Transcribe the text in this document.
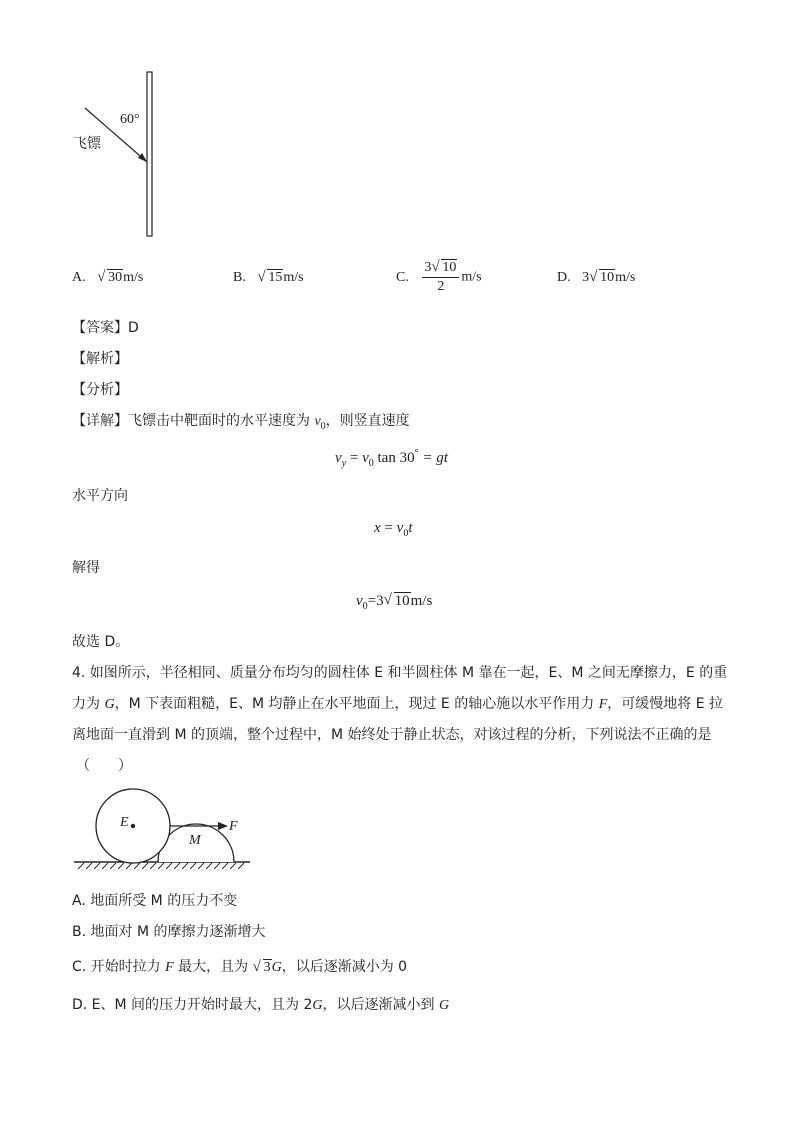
60°
飞镖
A. √ 30m/s	B. √ 15m/s	C. $\frac{3√ 10}{2} m/s$	D. 3√ 10m/s
【答案】D
【解析】
【分析】
【详解】飞镖击中靶面时的水平速度为 $v_0$，则竖直速度
$v_y = v_0$ tan 30° = gt
水平方向
$x = v_0t$
解得
$v_0=3√$ 10m/s
故选 D。
4. 如图所示，半径相同、质量分布均匀的圆柱体 E 和半圆柱体 M 靠在一起，E、M 之间无摩擦力，E 的重
力为 G，M 下表面粗糙，E、M 均静止在水平地面上，现过 E 的轴心施以水平作用力 F，可缓慢地将 E 拉
离地面一直滑到 M 的顶端，整个过程中，M 始终处于静止状态，对该过程的分析，下列说法不正确的是
（　　）
E
M
F
A. 地面所受 M 的压力不变
B. 地面对 M 的摩擦力逐渐增大
C. 开始时拉力 F 最大，且为 √ 3G，以后逐渐减小为 0
D. E、M 间的压力开始时最大，且为 2G，以后逐渐减小到 G
